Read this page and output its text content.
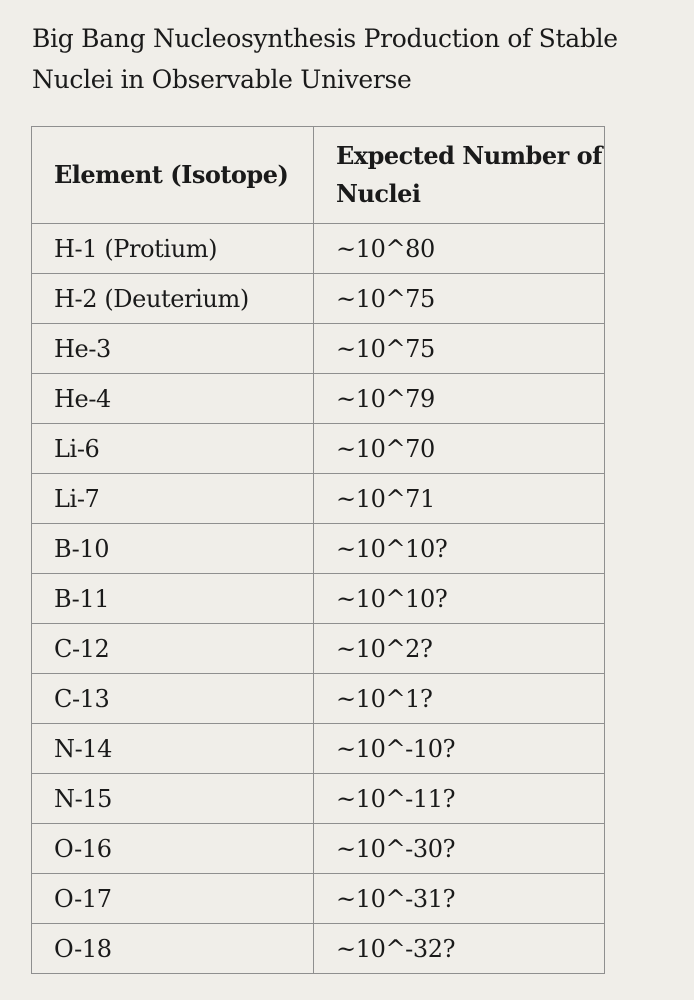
Big Bang Nucleosynthesis Production of Stable Nuclei in Observable Universe
Element (Isotope)	Expected Number of Nuclei
H-1 (Protium)	~10^80
H-2 (Deuterium)	~10^75
He-3	~10^75
He-4	~10^79
Li-6	~10^70
Li-7	~10^71
B-10	~10^10?
B-11	~10^10?
C-12	~10^2?
C-13	~10^1?
N-14	~10^-10?
N-15	~10^-11?
O-16	~10^-30?
O-17	~10^-31?
O-18	~10^-32?
